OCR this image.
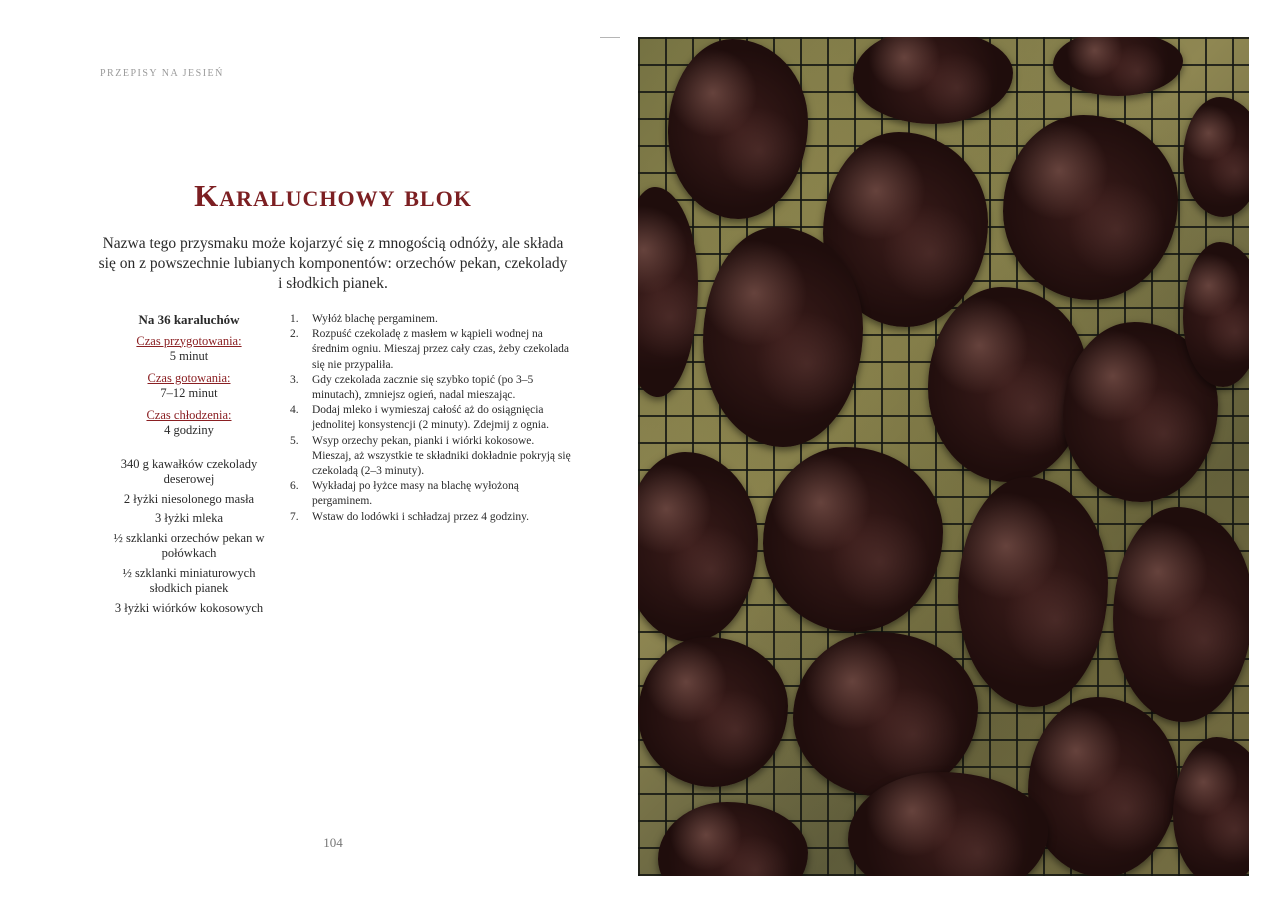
PRZEPISY NA JESIEŃ
Karaluchowy blok

Nazwa tego przysmaku może kojarzyć się z mnogością odnóży, ale składa się on z powszechnie lubianych komponentów: orzechów pekan, czekolady i słodkich pianek.

Na 36 karaluchów
Czas przygotowania:
5 minut
Czas gotowania:
7–12 minut
Czas chłodzenia:
4 godziny
340 g kawałków czekolady deserowej
2 łyżki niesolonego masła
3 łyżki mleka
½ szklanki orzechów pekan w połówkach
½ szklanki miniaturowych słodkich pianek
3 łyżki wiórków kokosowych
1. Wyłóż blachę pergaminem.
2. Rozpuść czekoladę z masłem w kąpieli wodnej na średnim ogniu. Mieszaj przez cały czas, żeby czekolada się nie przypaliła.
3. Gdy czekolada zacznie się szybko topić (po 3–5 minutach), zmniejsz ogień, nadal mieszając.
4. Dodaj mleko i wymieszaj całość aż do osiągnięcia jednolitej konsystencji (2 minuty). Zdejmij z ognia.
5. Wsyp orzechy pekan, pianki i wiórki kokosowe. Mieszaj, aż wszystkie te składniki dokładnie pokryją się czekoladą (2–3 minuty).
6. Wykładaj po łyżce masy na blachę wyłożoną pergaminem.
7. Wstaw do lodówki i schładzaj przez 4 godziny.
104
